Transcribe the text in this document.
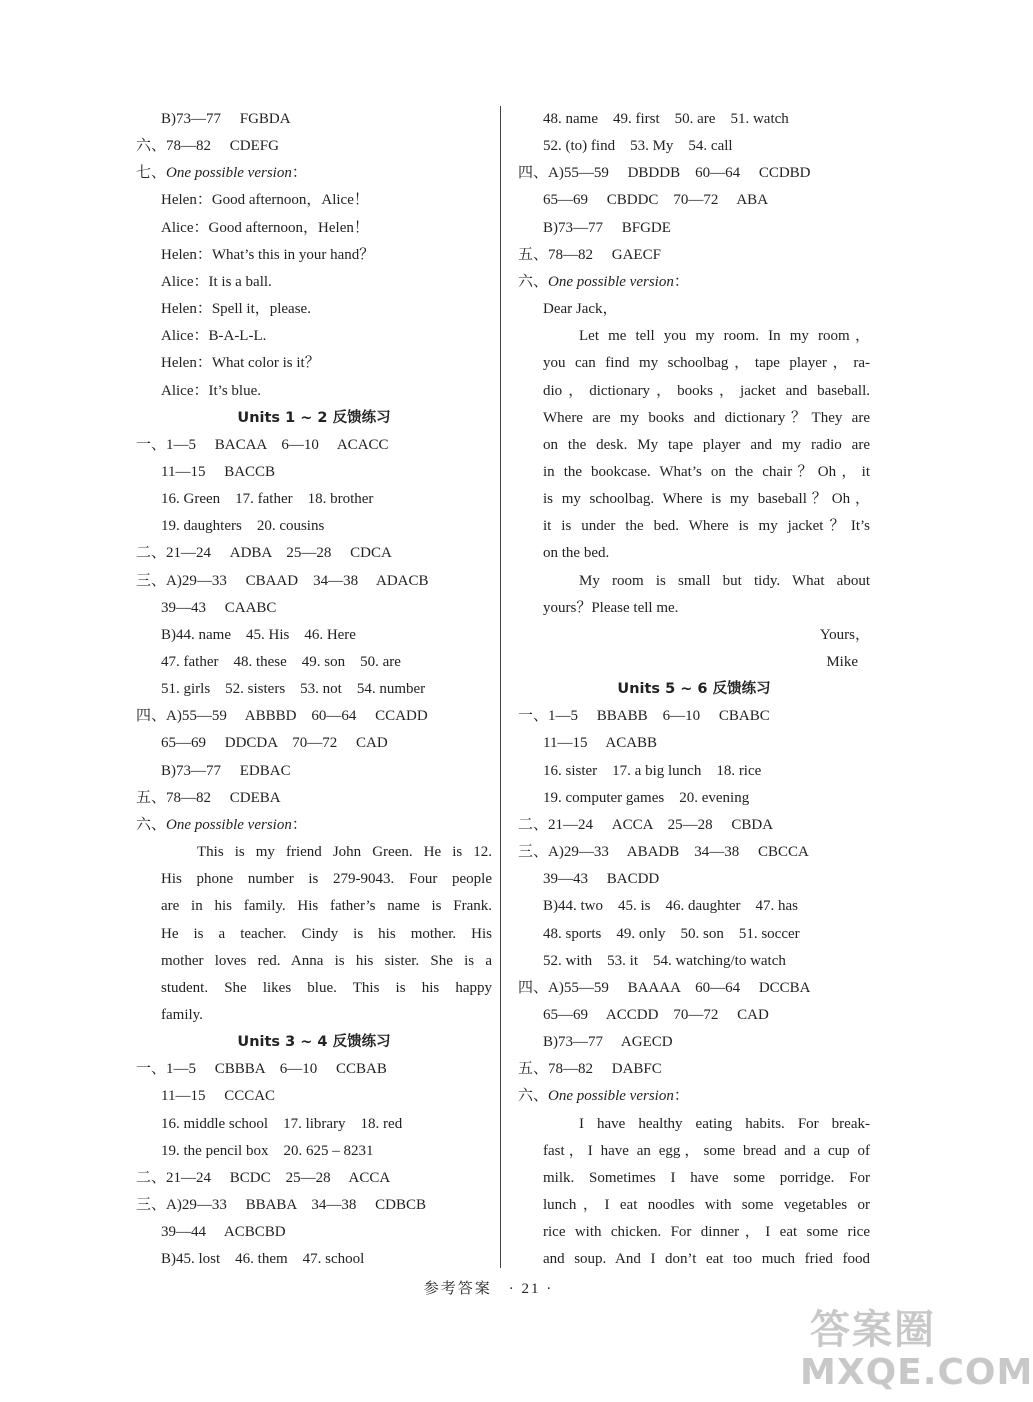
B)73—77　 FGBDA
六、78—82　 CDEFG
七、One possible version：
Helen：Good afternoon，Alice！
Alice：Good afternoon，Helen！
Helen：What’s this in your hand？
Alice：It is a ball.
Helen：Spell it，please.
Alice：B-A-L-L.
Helen：What color is it？
Alice：It’s blue.
Units 1 ~ 2 反馈练习
一、1—5　 BACAA　6—10　 ACACC
11—15　 BACCB
16. Green　17. father　18. brother
19. daughters　20. cousins
二、21—24　 ADBA　25—28　 CDCA
三、A)29—33　 CBAAD　34—38　 ADACB
39—43　 CAABC
B)44. name　45. His　46. Here
47. father　48. these　49. son　50. are
51. girls　52. sisters　53. not　54. number
四、A)55—59　 ABBBD　60—64　 CCADD
65—69　 DDCDA　70—72　 CAD
B)73—77　 EDBAC
五、78—82　 CDEBA
六、One possible version：
This is my friend John Green. He is 12.
His phone number is 279-9043. Four people
are in his family. His father’s name is Frank.
He is a teacher. Cindy is his mother. His
mother loves red. Anna is his sister. She is a
student. She likes blue. This is his happy
family.
Units 3 ~ 4 反馈练习
一、1—5　 CBBBA　6—10　 CCBAB
11—15　 CCCAC
16. middle school　17. library　18. red
19. the pencil box　20. 625 – 8231
二、21—24　 BCDC　25—28　 ACCA
三、A)29—33　 BBABA　34—38　 CDBCB
39—44　 ACBCBD
B)45. lost　46. them　47. school
48. name　49. first　50. are　51. watch
52. (to) find　53. My　54. call
四、A)55—59　 DBDDB　60—64　 CCDBD
65—69　 CBDDC　70—72　 ABA
B)73—77　 BFGDE
五、78—82　 GAECF
六、One possible version：
Dear Jack，
Let me tell you my room. In my room，
you can find my schoolbag，tape player，ra-
dio，dictionary，books，jacket and baseball.
Where are my books and dictionary？They are
on the desk. My tape player and my radio are
in the bookcase. What’s on the chair？Oh，it
is my schoolbag. Where is my baseball？Oh，
it is under the bed. Where is my jacket？It’s
on the bed.
My room is small but tidy. What about
yours？Please tell me.
Yours，
Mike
Units 5 ~ 6 反馈练习
一、1—5　 BBABB　6—10　 CBABC
11—15　 ACABB
16. sister　17. a big lunch　18. rice
19. computer games　20. evening
二、21—24　 ACCA　25—28　 CBDA
三、A)29—33　 ABADB　34—38　 CBCCA
39—43　 BACDD
B)44. two　45. is　46. daughter　47. has
48. sports　49. only　50. son　51. soccer
52. with　53. it　54. watching/to watch
四、A)55—59　 BAAAA　60—64　 DCCBA
65—69　 ACCDD　70—72　 CAD
B)73—77　 AGECD
五、78—82　 DABFC
六、One possible version：
I have healthy eating habits. For break-
fast，I have an egg，some bread and a cup of
milk. Sometimes I have some porridge. For
lunch，I eat noodles with some vegetables or
rice with chicken. For dinner，I eat some rice
and soup. And I don’t eat too much fried food
参考答案　· 21 ·
答案圈
MXQE.COM
